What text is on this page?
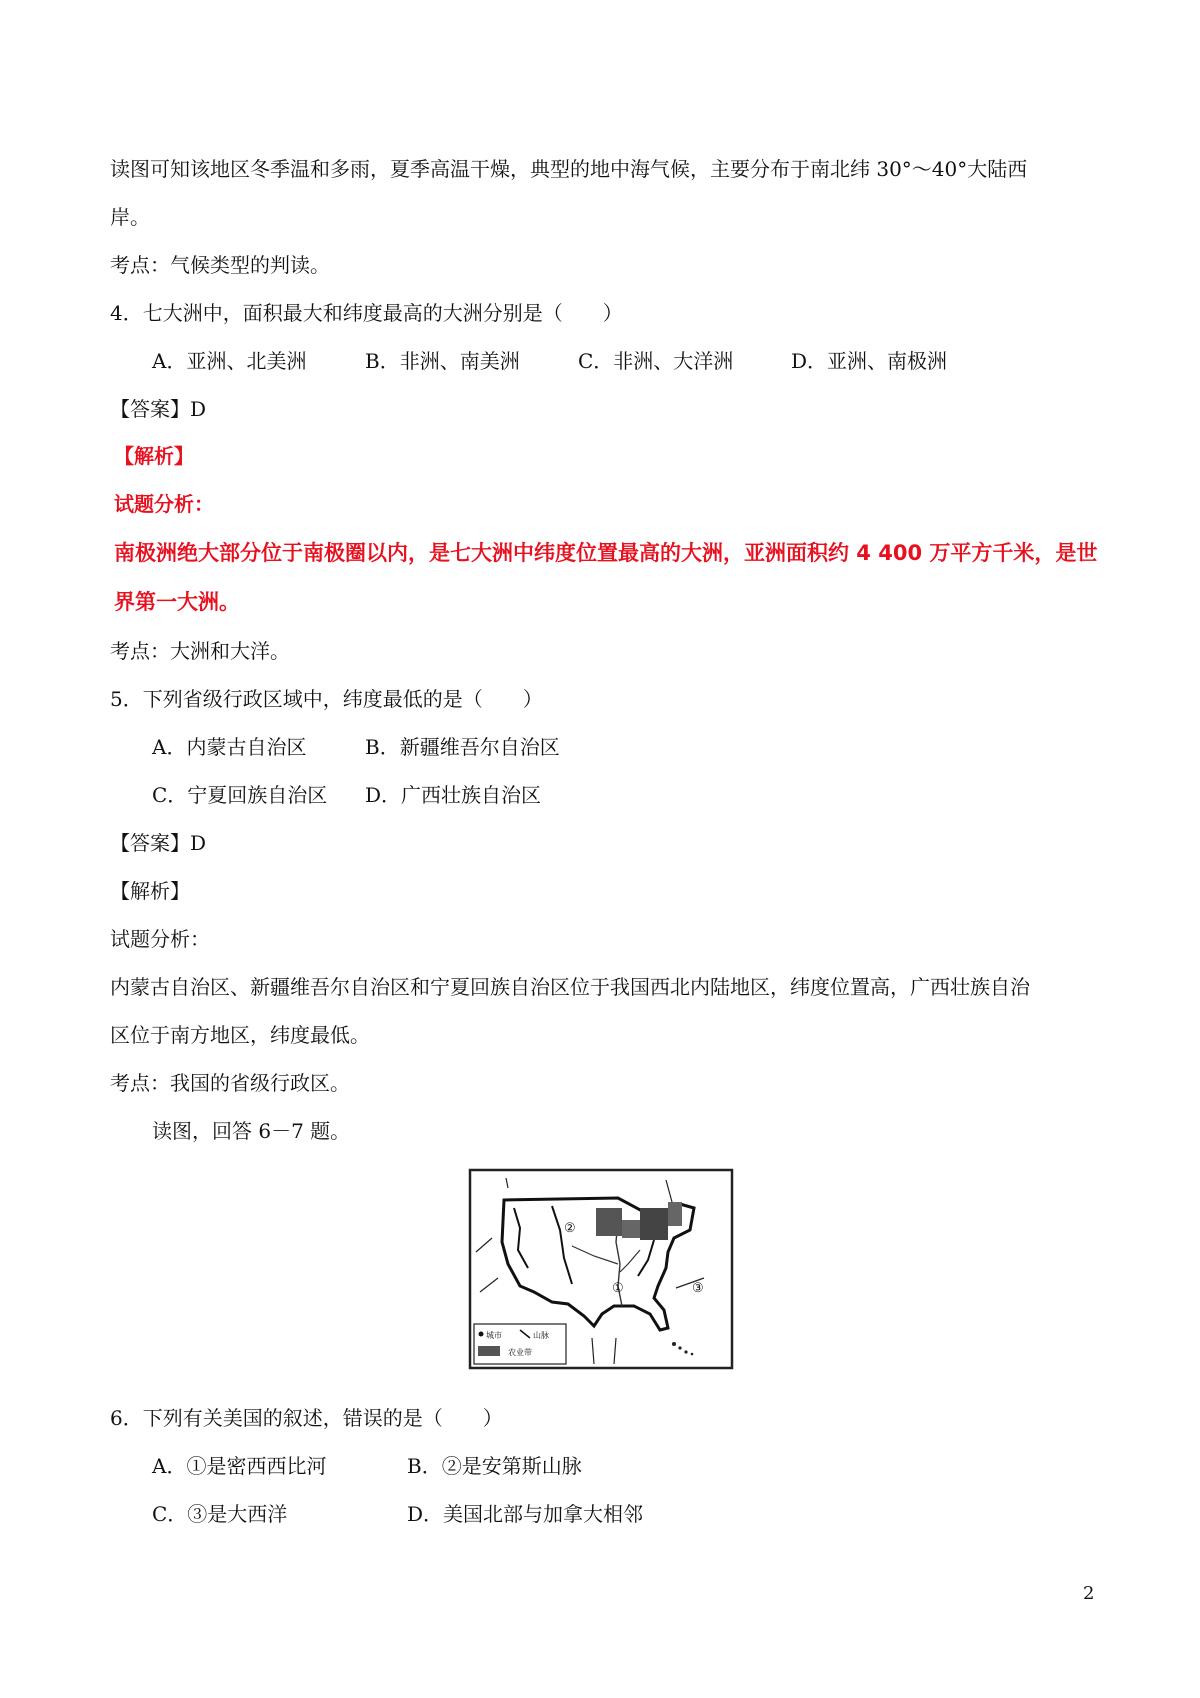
读图可知该地区冬季温和多雨，夏季高温干燥，典型的地中海气候，主要分布于南北纬 30°～40°大陆西
岸。
考点：气候类型的判读。
4．七大洲中，面积最大和纬度最高的大洲分别是（　　）
A．亚洲、北美洲	B．非洲、南美洲	C．非洲、大洋洲	D．亚洲、南极洲
【答案】D
【解析】
试题分析：
南极洲绝大部分位于南极圈以内，是七大洲中纬度位置最高的大洲，亚洲面积约 4 400 万平方千米，是世
界第一大洲。
考点：大洲和大洋。
5．下列省级行政区域中，纬度最低的是（　　）
A．内蒙古自治区	B．新疆维吾尔自治区
C．宁夏回族自治区 D．广西壮族自治区
【答案】D
【解析】
试题分析：
内蒙古自治区、新疆维吾尔自治区和宁夏回族自治区位于我国西北内陆地区，纬度位置高，广西壮族自治
区位于南方地区，纬度最低。
考点：我国的省级行政区。
读图，回答 6－7 题。
①
②
③
城市	山脉
农业带
6．下列有关美国的叙述，错误的是（　　）
A．①是密西西比河	B．②是安第斯山脉
C．③是大西洋	D．美国北部与加拿大相邻
2
